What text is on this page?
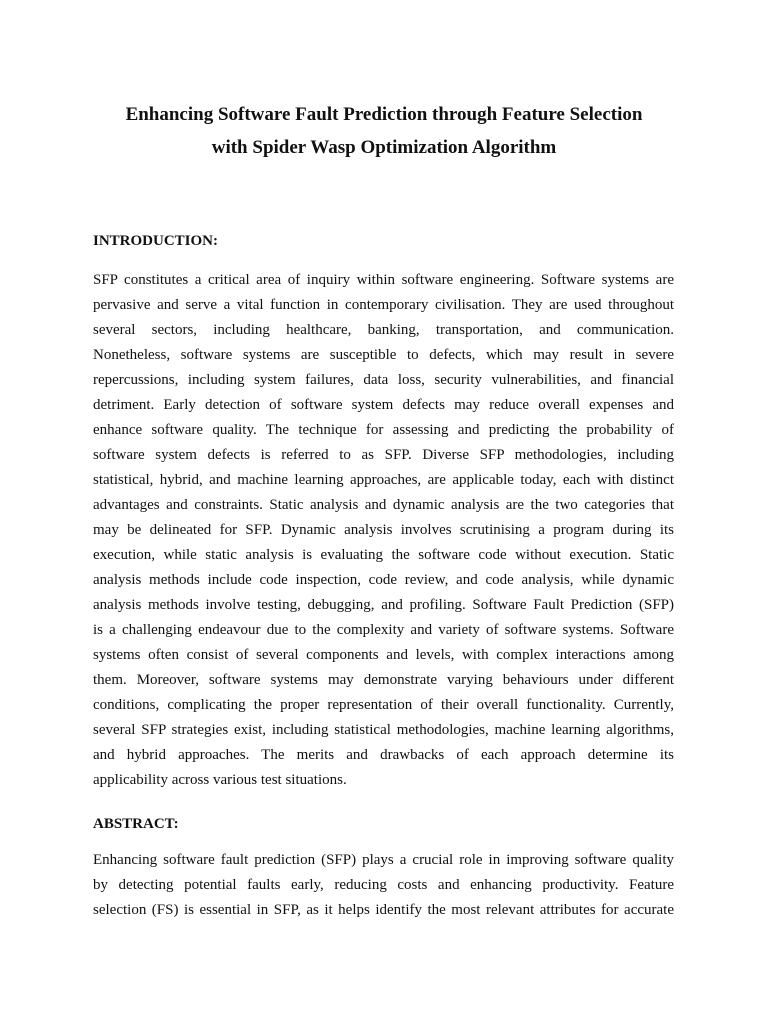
Enhancing Software Fault Prediction through Feature Selection
with Spider Wasp Optimization Algorithm
INTRODUCTION:
SFP constitutes a critical area of inquiry within software engineering. Software systems are
pervasive and serve a vital function in contemporary civilisation. They are used throughout
several sectors, including healthcare, banking, transportation, and communication.
Nonetheless, software systems are susceptible to defects, which may result in severe
repercussions, including system failures, data loss, security vulnerabilities, and financial
detriment. Early detection of software system defects may reduce overall expenses and
enhance software quality. The technique for assessing and predicting the probability of
software system defects is referred to as SFP. Diverse SFP methodologies, including
statistical, hybrid, and machine learning approaches, are applicable today, each with distinct
advantages and constraints. Static analysis and dynamic analysis are the two categories that
may be delineated for SFP. Dynamic analysis involves scrutinising a program during its
execution, while static analysis is evaluating the software code without execution. Static
analysis methods include code inspection, code review, and code analysis, while dynamic
analysis methods involve testing, debugging, and profiling. Software Fault Prediction (SFP)
is a challenging endeavour due to the complexity and variety of software systems. Software
systems often consist of several components and levels, with complex interactions among
them. Moreover, software systems may demonstrate varying behaviours under different
conditions, complicating the proper representation of their overall functionality. Currently,
several SFP strategies exist, including statistical methodologies, machine learning algorithms,
and hybrid approaches. The merits and drawbacks of each approach determine its
applicability across various test situations.
ABSTRACT:
Enhancing software fault prediction (SFP) plays a crucial role in improving software quality
by detecting potential faults early, reducing costs and enhancing productivity. Feature
selection (FS) is essential in SFP, as it helps identify the most relevant attributes for accurate
